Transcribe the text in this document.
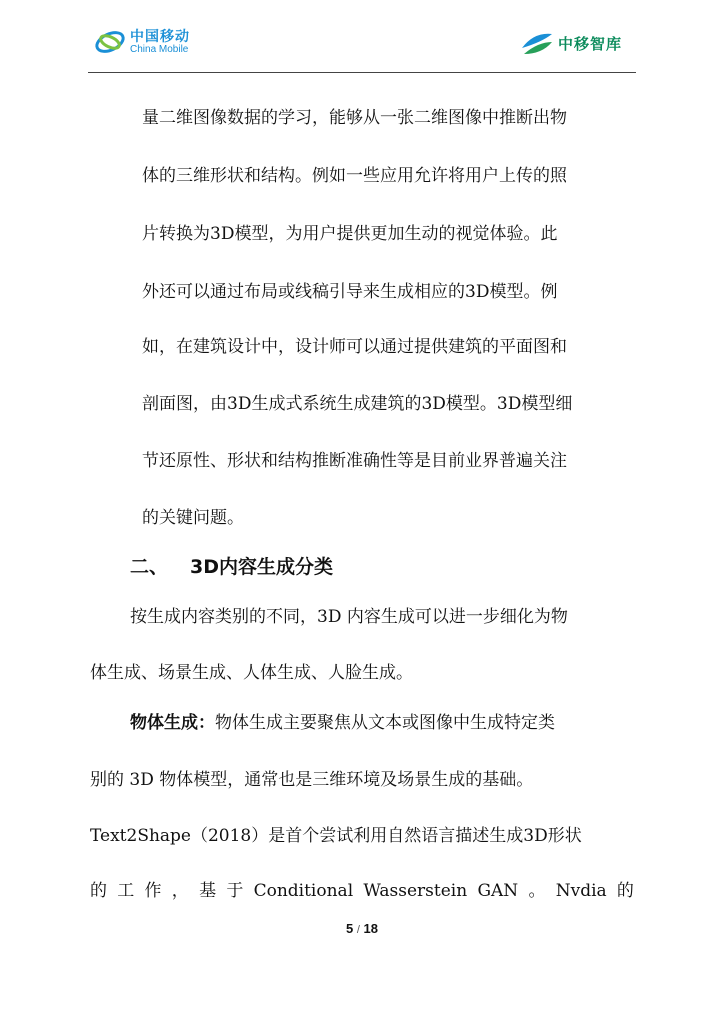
中国移动
China Mobile	中移智库
量二维图像数据的学习，能够从一张二维图像中推断出物
体的三维形状和结构。例如一些应用允许将用户上传的照
片转换为3D模型，为用户提供更加生动的视觉体验。此
外还可以通过布局或线稿引导来生成相应的3D模型。例
如，在建筑设计中，设计师可以通过提供建筑的平面图和
剖面图，由3D生成式系统生成建筑的3D模型。3D模型细
节还原性、形状和结构推断准确性等是目前业界普遍关注
的关键问题。
二、 3D内容生成分类
按生成内容类别的不同，3D 内容生成可以进一步细化为物
体生成、场景生成、人体生成、人脸生成。
物体生成：物体生成主要聚焦从文本或图像中生成特定类
别的 3D 物体模型，通常也是三维环境及场景生成的基础。
Text2Shape（2018）是首个尝试利用自然语言描述生成3D形状
的 工 作 ， 基 于 Conditional Wasserstein GAN 。 Nvdia 的
5 / 18
